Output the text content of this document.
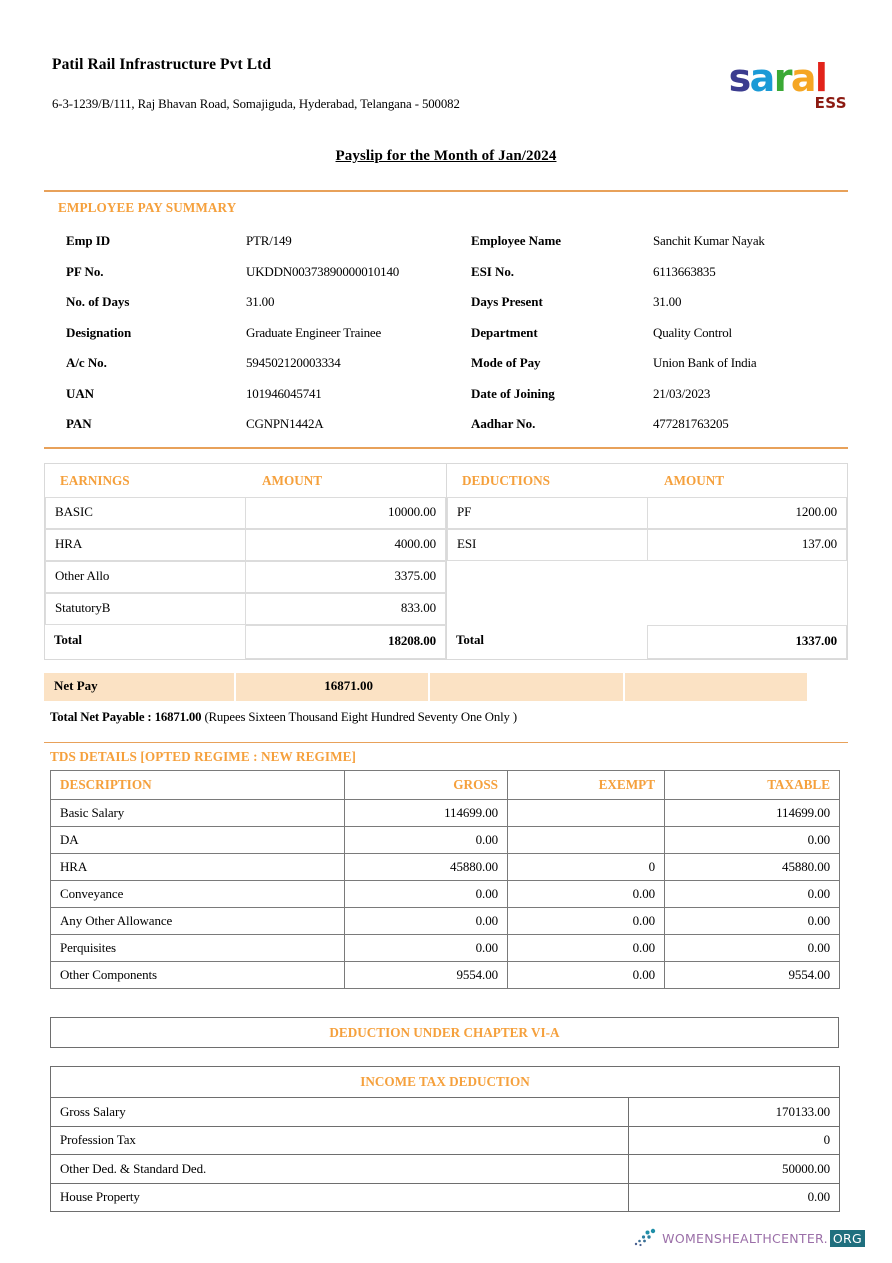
Patil Rail Infrastructure Pvt Ltd
6-3-1239/B/111, Raj Bhavan Road, Somajiguda, Hyderabad, Telangana - 500082
saral
ESS
Payslip for the Month of Jan/2024
EMPLOYEE PAY SUMMARY
Emp ID	PTR/149	Employee Name	Sanchit Kumar Nayak
PF No.	UKDDN00373890000010140	ESI No.	6113663835
No. of Days	31.00	Days Present	31.00
Designation	Graduate Engineer Trainee	Department	Quality Control
A/c No.	594502120003334	Mode of Pay	Union Bank of India
UAN	101946045741	Date of Joining	21/03/2023
PAN	CGNPN1442A	Aadhar No.	477281763205
EARNINGS	AMOUNT
BASIC	10000.00
HRA	4000.00
Other Allo	3375.00
StatutoryB	833.00
Total	18208.00
DEDUCTIONS	AMOUNT
PF	1200.00
ESI	137.00
Total	1337.00
Net Pay	16871.00
Total Net Payable : 16871.00 (Rupees Sixteen Thousand Eight Hundred Seventy One Only )
TDS DETAILS [OPTED REGIME : NEW REGIME]
DESCRIPTION	GROSS	EXEMPT	TAXABLE
Basic Salary	114699.00		114699.00
DA	0.00		0.00
HRA	45880.00	0	45880.00
Conveyance	0.00	0.00	0.00
Any Other Allowance	0.00	0.00	0.00
Perquisites	0.00	0.00	0.00
Other Components	9554.00	0.00	9554.00
DEDUCTION UNDER CHAPTER VI-A
INCOME TAX DEDUCTION	
Gross Salary	170133.00
Profession Tax	0
Other Ded. & Standard Ded.	50000.00
House Property	0.00
WOMENSHEALTHCENTER. ORG
